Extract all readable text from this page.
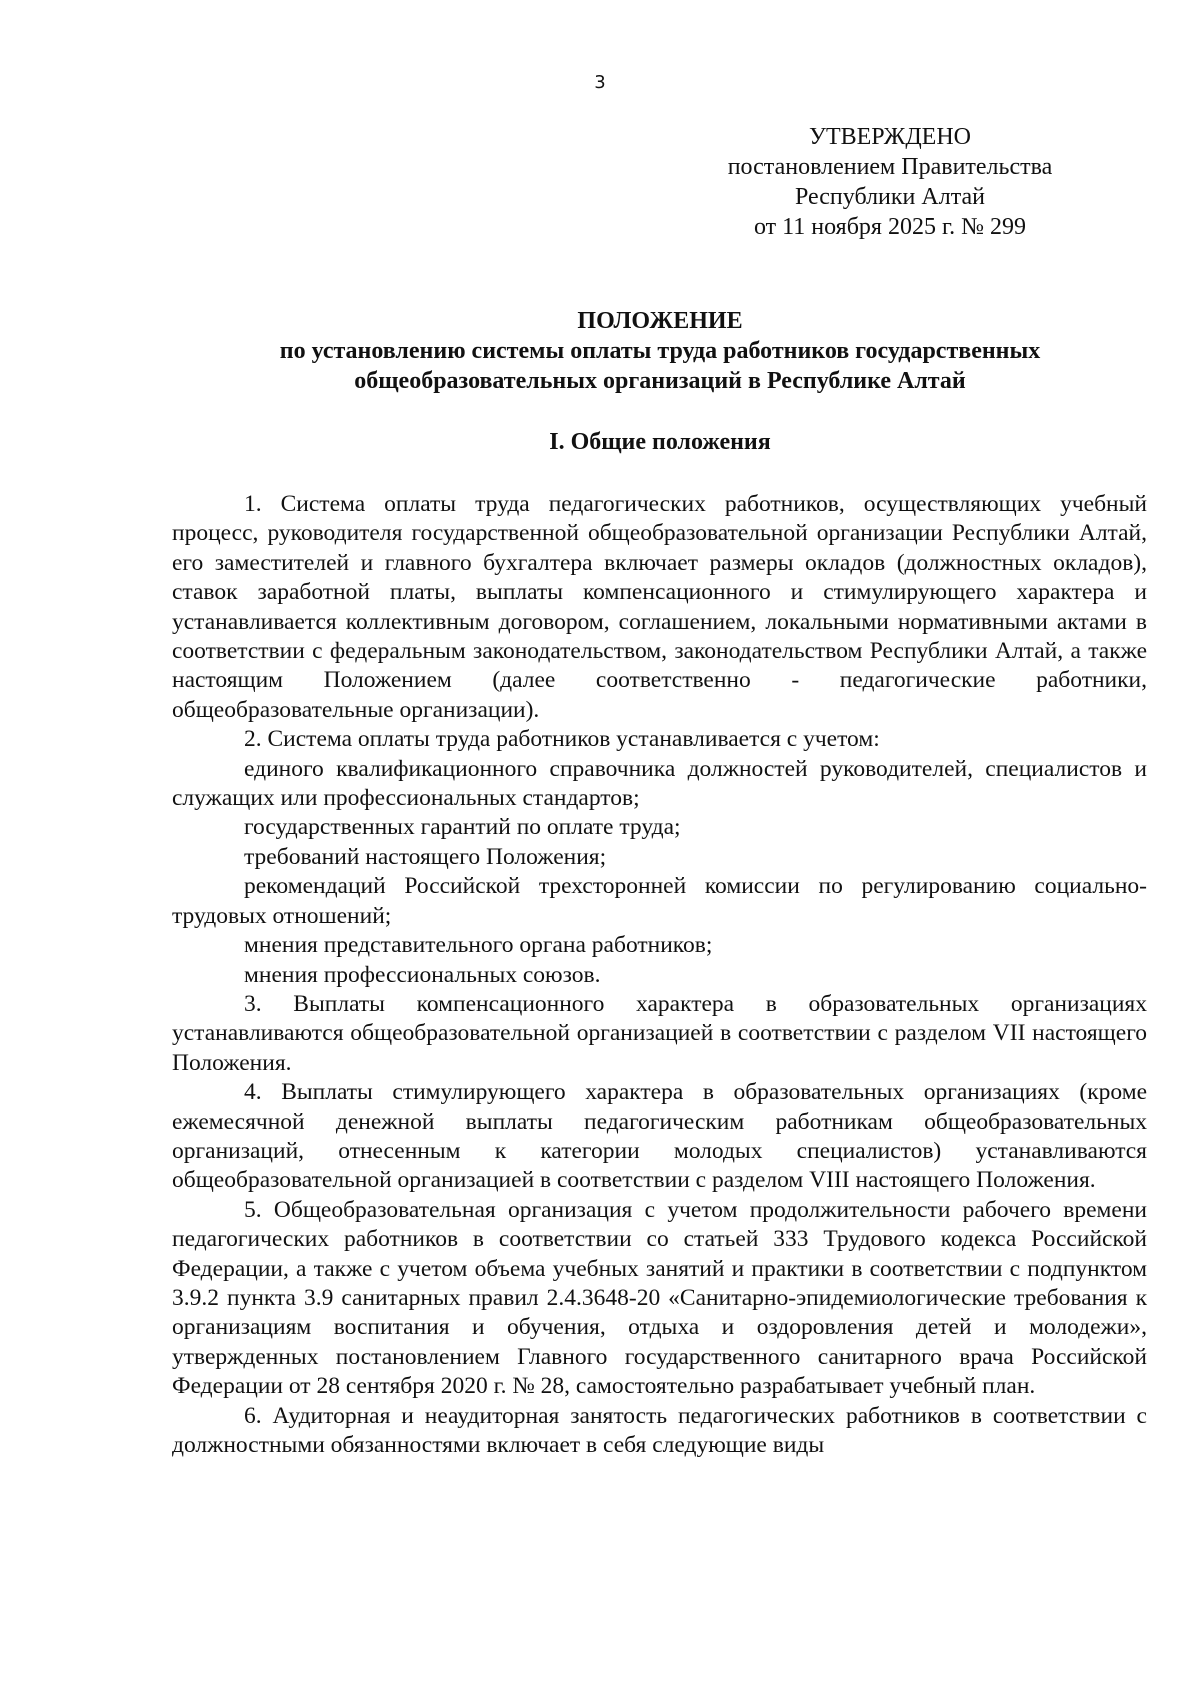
3
УТВЕРЖДЕНО
постановлением Правительства
Республики Алтай
от 11 ноября 2025 г. № 299
ПОЛОЖЕНИЕ
по установлению системы оплаты труда работников государственных
общеобразовательных организаций в Республике Алтай
I. Общие положения

1. Система оплаты труда педагогических работников, осуществляющих учебный процесс, руководителя государственной общеобразовательной организации Республики Алтай, его заместителей и главного бухгалтера включает размеры окладов (должностных окладов), ставок заработной платы, выплаты компенсационного и стимулирующего характера и устанавливается коллективным договором, соглашением, локальными нормативными актами в соответствии с федеральным законодательством, законодательством Республики Алтай, а также настоящим Положением (далее соответственно - педагогические работники, общеобразовательные организации).

2. Система оплаты труда работников устанавливается с учетом:

единого квалификационного справочника должностей руководителей, специалистов и служащих или профессиональных стандартов;

государственных гарантий по оплате труда;

требований настоящего Положения;

рекомендаций Российской трехсторонней комиссии по регулированию социально-трудовых отношений;

мнения представительного органа работников;

мнения профессиональных союзов.

3. Выплаты компенсационного характера в образовательных организациях устанавливаются общеобразовательной организацией в соответствии с разделом VII настоящего Положения.

4. Выплаты стимулирующего характера в образовательных организациях (кроме ежемесячной денежной выплаты педагогическим работникам общеобразовательных организаций, отнесенным к категории молодых специалистов) устанавливаются общеобразовательной организацией в соответствии с разделом VIII настоящего Положения.

5. Общеобразовательная организация с учетом продолжительности рабочего времени педагогических работников в соответствии со статьей 333 Трудового кодекса Российской Федерации, а также с учетом объема учебных занятий и практики в соответствии с подпунктом 3.9.2 пункта 3.9 санитарных правил 2.4.3648-20 «Санитарно-эпидемиологические требования к организациям воспитания и обучения, отдыха и оздоровления детей и молодежи», утвержденных постановлением Главного государственного санитарного врача Российской Федерации от 28 сентября 2020 г. № 28, самостоятельно разрабатывает учебный план.

6. Аудиторная и неаудиторная занятость педагогических работников в соответствии с должностными обязанностями включает в себя следующие виды
